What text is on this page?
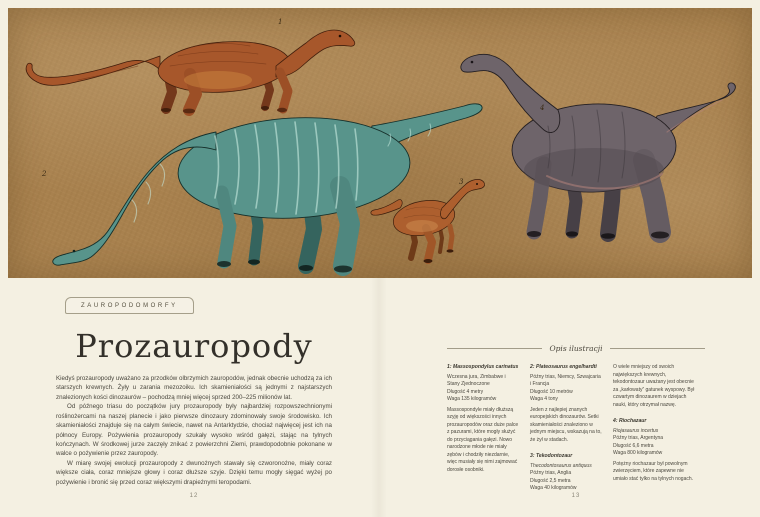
1
2
3
4
ZAUROPODOMORFY
Prozauropody

Kiedyś prozauropody uważano za przodków olbrzymich zauropodów, jednak obecnie uchodzą za ich starszych krewnych. Żyły u zarania mezozoiku. Ich skamieniałości są jednymi z najstarszych znalezionych kości dinozaurów – pochodzą mniej więcej sprzed 200–225 milionów lat.

Od późnego triasu do początków jury prozauropody były najbardziej rozpowszechnionymi roślinożercami na naszej planecie i jako pierwsze dinozaury zdominowały swoje środowisko. Ich skamieniałości znajduje się na całym świecie, nawet na Antarktydzie, chociaż najwięcej jest ich na północy Europy. Pożywienia prozauropody szukały wysoko wśród gałęzi, stając na tylnych kończynach. W środkowej jurze zaczęły znikać z powierzchni Ziemi, prawdopodobnie pokonane w walce o pożywienie przez zauropody.

W miarę swojej ewolucji prozauropody z dwunożnych stawały się czworonożne, miały coraz większe ciała, coraz mniejsze głowy i coraz dłuższe szyje. Dzięki temu mogły sięgać wyżej po pożywienie i bronić się przed coraz większymi drapieżnymi teropodami.

12
Opis ilustracji
1: Massospondylus carinatus
Wczesna jura, Zimbabwe i Stany Zjednoczone
Długość 4 metry
Waga 135 kilogramów
Massospondyle miały dłuższą szyję od większości innych prozauropodów oraz duże palce z pazurami, które mogły służyć do przyciągania gałęzi. Nowo narodzone młode nie miały zębów i chodziły niezdarnie, więc musiały się nimi zajmować dorosłe osobniki.
2: Plateosaurus engelhardti
Późny trias, Niemcy, Szwajcaria i Francja
Długość 10 metrów
Waga 4 tony
Jeden z najlepiej znanych europejskich dinozaurów. Setki skamieniałości znaleziono w jednym miejscu, wskazują na to, że żył w stadach.
3: Tekodontozaur
Thecodontosaurus antiquus
Późny trias, Anglia
Długość 2,5 metra
Waga 40 kilogramów
O wiele mniejszy od swoich największych krewnych, tekodontozaur uważany jest obecnie za „karłowaty” gatunek wyspowy. Był czwartym dinozaurem w dziejach nauki, który otrzymał nazwę.
4: Riochazaur
Riojasaurus incertus
Późny trias, Argentyna
Długość 6,6 metra
Waga 800 kilogramów
Potężny riochazaur był powolnym zwierzęciem, które zapewne nie umiało stać tylko na tylnych nogach.
13
